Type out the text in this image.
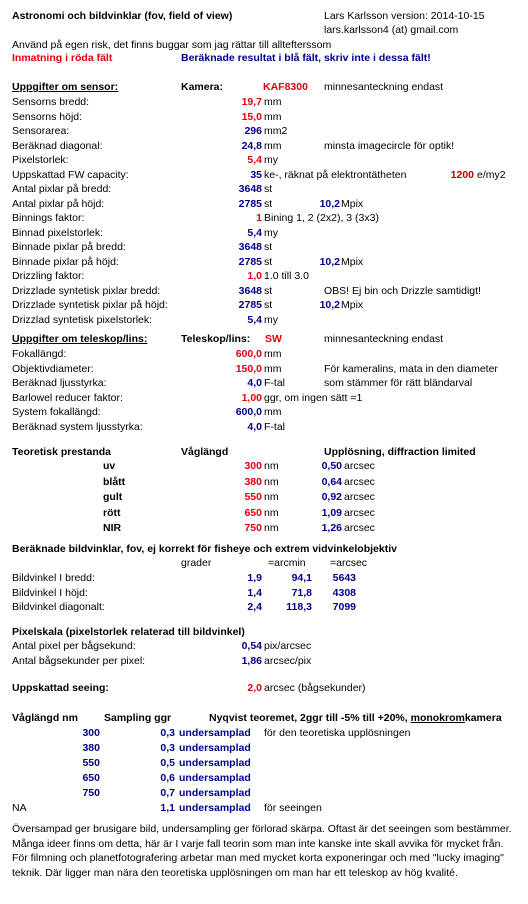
Astronomi och bildvinklar (fov, field of view)	Lars Karlsson version: 2014-10-15
lars.karlsson4 (at) gmail.com
Använd på egen risk, det finns buggar som jag rättar till alltefterssom
Inmatning i röda fält	Beräknade resultat i blå fält, skriv inte i dessa fält!
Uppgifter om sensor:	Kamera:	KAF8300 minnesanteckning endast
Sensorns bredd:	19,7 mm
Sensorns höjd:	15,0 mm
Sensorarea:	296 mm2
Beräknad diagonal:	24,8 mm	minsta imagecircle för optik!
Pixelstorlek:	5,4 my
Uppskattad FW capacity:	35 ke-, räknat på elektrontätheten	1200 e/my2
Antal pixlar på bredd:	3648 st
Antal pixlar på höjd:	2785 st	10,2 Mpix
Binnings faktor:	1 Bining 1, 2 (2x2), 3 (3x3)
Binnad pixelstorlek:	5,4 my
Binnade pixlar på bredd:	3648 st
Binnade pixlar på höjd:	2785 st	10,2 Mpix
Drizzling faktor:	1,0 1.0 till 3.0
Drizzlade syntetisk pixlar bredd:	3648 st	OBS! Ej bin och Drizzle samtidigt!
Drizzlade syntetisk pixlar på höjd:	2785 st	10,2 Mpix
Drizzlad syntetisk pixelstorlek:	5,4 my
Uppgifter om teleskop/lins:	Teleskop/lins: SW	minnesanteckning endast
Fokallängd:	600,0 mm
Objektivdiameter:	150,0 mm	För kameralins, mata in den diameter
Beräknad ljusstyrka:	4,0 F-tal	som stämmer för rätt bländarval
Barlowel reducer faktor:	1,00 ggr, om ingen sätt =1
System fokallängd:	600,0 mm
Beräknad system ljusstyrka:	4,0 F-tal
Teoretisk prestanda	Våglängd	Upplösning, diffraction limited
uv	300 nm	0,50 arcsec
blått	380 nm	0,64 arcsec
gult	550 nm	0,92 arcsec
rött	650 nm	1,09 arcsec
NIR	750 nm	1,26 arcsec
Beräknade bildvinklar, fov, ej korrekt för fisheye och extrem vidvinkelobjektiv
grader	=arcmin =arcsec
Bildvinkel I bredd:	1,9	94,1	5643
Bildvinkel I höjd:	1,4	71,8	4308
Bildvinkel diagonalt:	2,4	118,3	7099
Pixelskala (pixelstorlek relaterad till bildvinkel)
Antal pixel per bågsekund:	0,54 pix/arcsec
Antal bågsekunder per pixel:	1,86 arcsec/pix
Uppskattad seeing:	2,0 arcsec (bågsekunder)
Våglängd nm Sampling ggr	Nyqvist teoremet, 2ggr till -5% till +20%, monokromkamera
300	0,3 undersamplad för den teoretiska upplösningen
380	0,3 undersamplad
550	0,5 undersamplad
650	0,6 undersamplad
750	0,7 undersamplad
NA	1,1 undersamplad för seeingen
Översampad ger brusigare bild, undersampling ger förlorad skärpa. Oftast är det seeingen som bestämmer. Många ideer finns om detta, här är I varje fall teorin som man inte kanske inte skall avvika för mycket från. För filmning och planetfotografering arbetar man med mycket korta exponeringar och med "lucky imaging" teknik. Där ligger man nära den teoretiska upplösningen om man har ett teleskop av hög kvalité.
